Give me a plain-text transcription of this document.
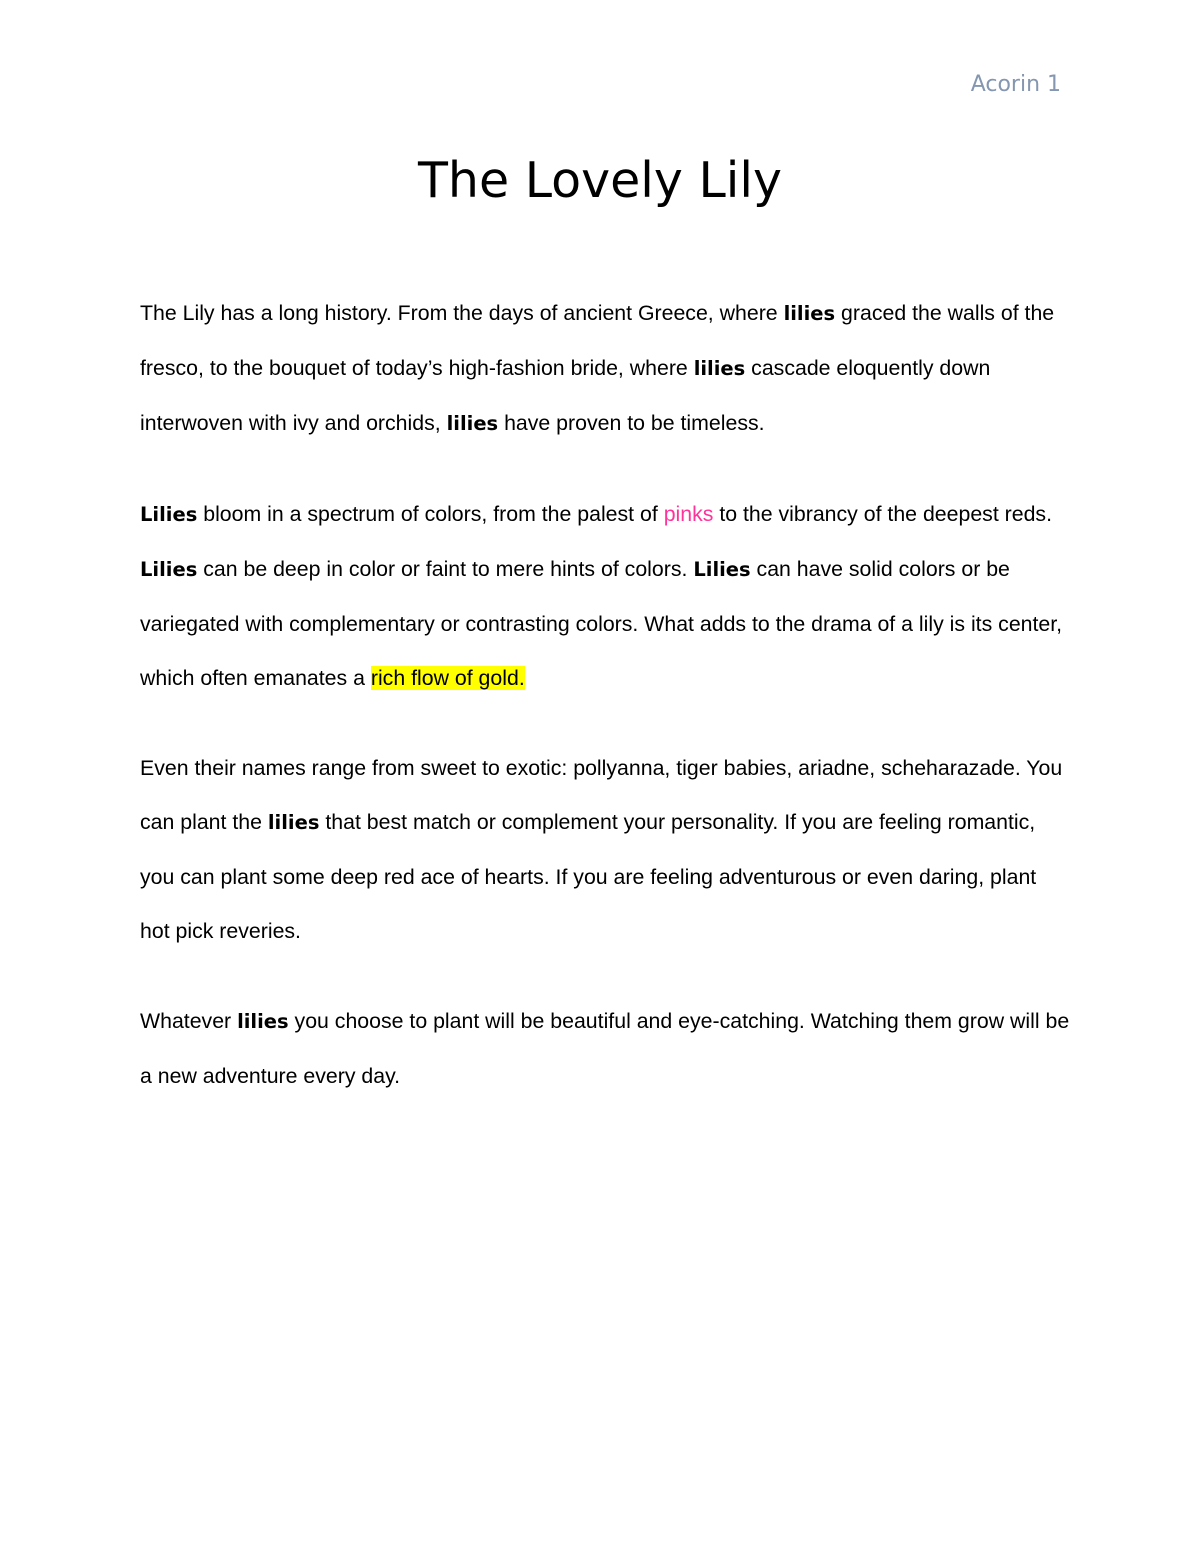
Acorin 1
The Lovely Lily

The Lily has a long history. From the days of ancient Greece, where lilies graced the walls of the fresco, to the bouquet of today’s high-fashion bride, where lilies cascade eloquently down interwoven with ivy and orchids, lilies have proven to be timeless.

Lilies bloom in a spectrum of colors, from the palest of pinks to the vibrancy of the deepest reds. Lilies can be deep in color or faint to mere hints of colors. Lilies can have solid colors or be variegated with complementary or contrasting colors. What adds to the drama of a lily is its center, which often emanates a rich flow of gold.

Even their names range from sweet to exotic: pollyanna, tiger babies, ariadne, scheharazade. You can plant the lilies that best match or complement your personality. If you are feeling romantic, you can plant some deep red ace of hearts. If you are feeling adventurous or even daring, plant hot pick reveries.

Whatever lilies you choose to plant will be beautiful and eye-catching. Watching them grow will be a new adventure every day.
